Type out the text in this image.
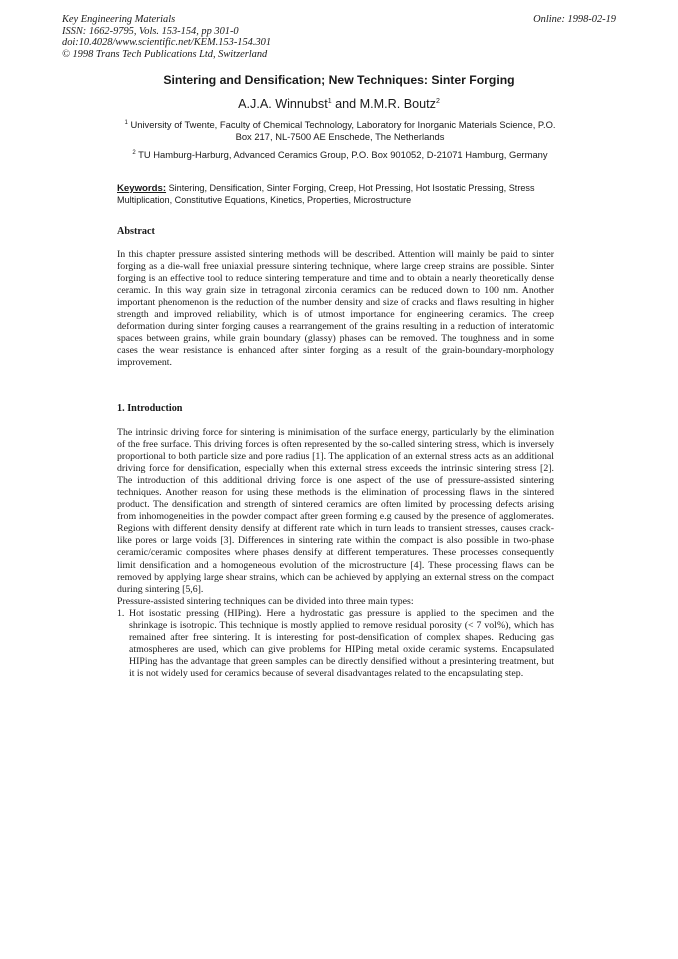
Key Engineering Materials
ISSN: 1662-9795, Vols. 153-154, pp 301-0
doi:10.4028/www.scientific.net/KEM.153-154.301
© 1998 Trans Tech Publications Ltd, Switzerland
Online: 1998-02-19
Sintering and Densification; New Techniques: Sinter Forging
A.J.A. Winnubst$^1$ and M.M.R. Boutz$^2$
$^1$ University of Twente, Faculty of Chemical Technology, Laboratory for Inorganic Materials Science, P.O. Box 217, NL-7500 AE Enschede, The Netherlands
$^2$ TU Hamburg-Harburg, Advanced Ceramics Group, P.O. Box 901052, D-21071 Hamburg, Germany
Keywords: Sintering, Densification, Sinter Forging, Creep, Hot Pressing, Hot Isostatic Pressing, Stress Multiplication, Constitutive Equations, Kinetics, Properties, Microstructure
Abstract

In this chapter pressure assisted sintering methods will be described. Attention will mainly be paid to sinter forging as a die-wall free uniaxial pressure sintering technique, where large creep strains are possible. Sinter forging is an effective tool to reduce sintering temperature and time and to obtain a nearly theoretically dense ceramic. In this way grain size in tetragonal zirconia ceramics can be reduced down to 100 nm. Another important phenomenon is the reduction of the number density and size of cracks and flaws resulting in higher strength and improved reliability, which is of utmost importance for engineering ceramics. The creep deformation during sinter forging causes a rearrangement of the grains resulting in a reduction of interatomic spaces between grains, while grain boundary (glassy) phases can be removed. The toughness and in some cases the wear resistance is enhanced after sinter forging as a result of the grain-boundary-morphology improvement.

1. Introduction

The intrinsic driving force for sintering is minimisation of the surface energy, particularly by the elimination of the free surface. This driving forces is often represented by the so-called sintering stress, which is inversely proportional to both particle size and pore radius [1]. The application of an external stress acts as an additional driving force for densification, especially when this external stress exceeds the intrinsic sintering stress [2]. The introduction of this additional driving force is one aspect of the use of pressure-assisted sintering techniques. Another reason for using these methods is the elimination of processing flaws in the sintered product. The densification and strength of sintered ceramics are often limited by processing defects arising from inhomogeneities in the powder compact after green forming e.g caused by the presence of agglomerates. Regions with different density densify at different rate which in turn leads to transient stresses, causes crack-like pores or large voids [3]. Differences in sintering rate within the compact is also possible in two-phase ceramic/ceramic composites where phases densify at different temperatures. These processes consequently limit densification and a homogeneous evolution of the microstructure [4]. These processing flaws can be removed by applying large shear strains, which can be achieved by applying an external stress on the compact during sintering [5,6].

Pressure-assisted sintering techniques can be divided into three main types:

1. Hot isostatic pressing (HIPing). Here a hydrostatic gas pressure is applied to the specimen and the shrinkage is isotropic. This technique is mostly applied to remove residual porosity (< 7 vol%), which has remained after free sintering. It is interesting for post-densification of complex shapes. Reducing gas atmospheres are used, which can give problems for HIPing metal oxide ceramic systems. Encapsulated HIPing has the advantage that green samples can be directly densified without a presintering treatment, but it is not widely used for ceramics because of several disadvantages related to the encapsulating step.
